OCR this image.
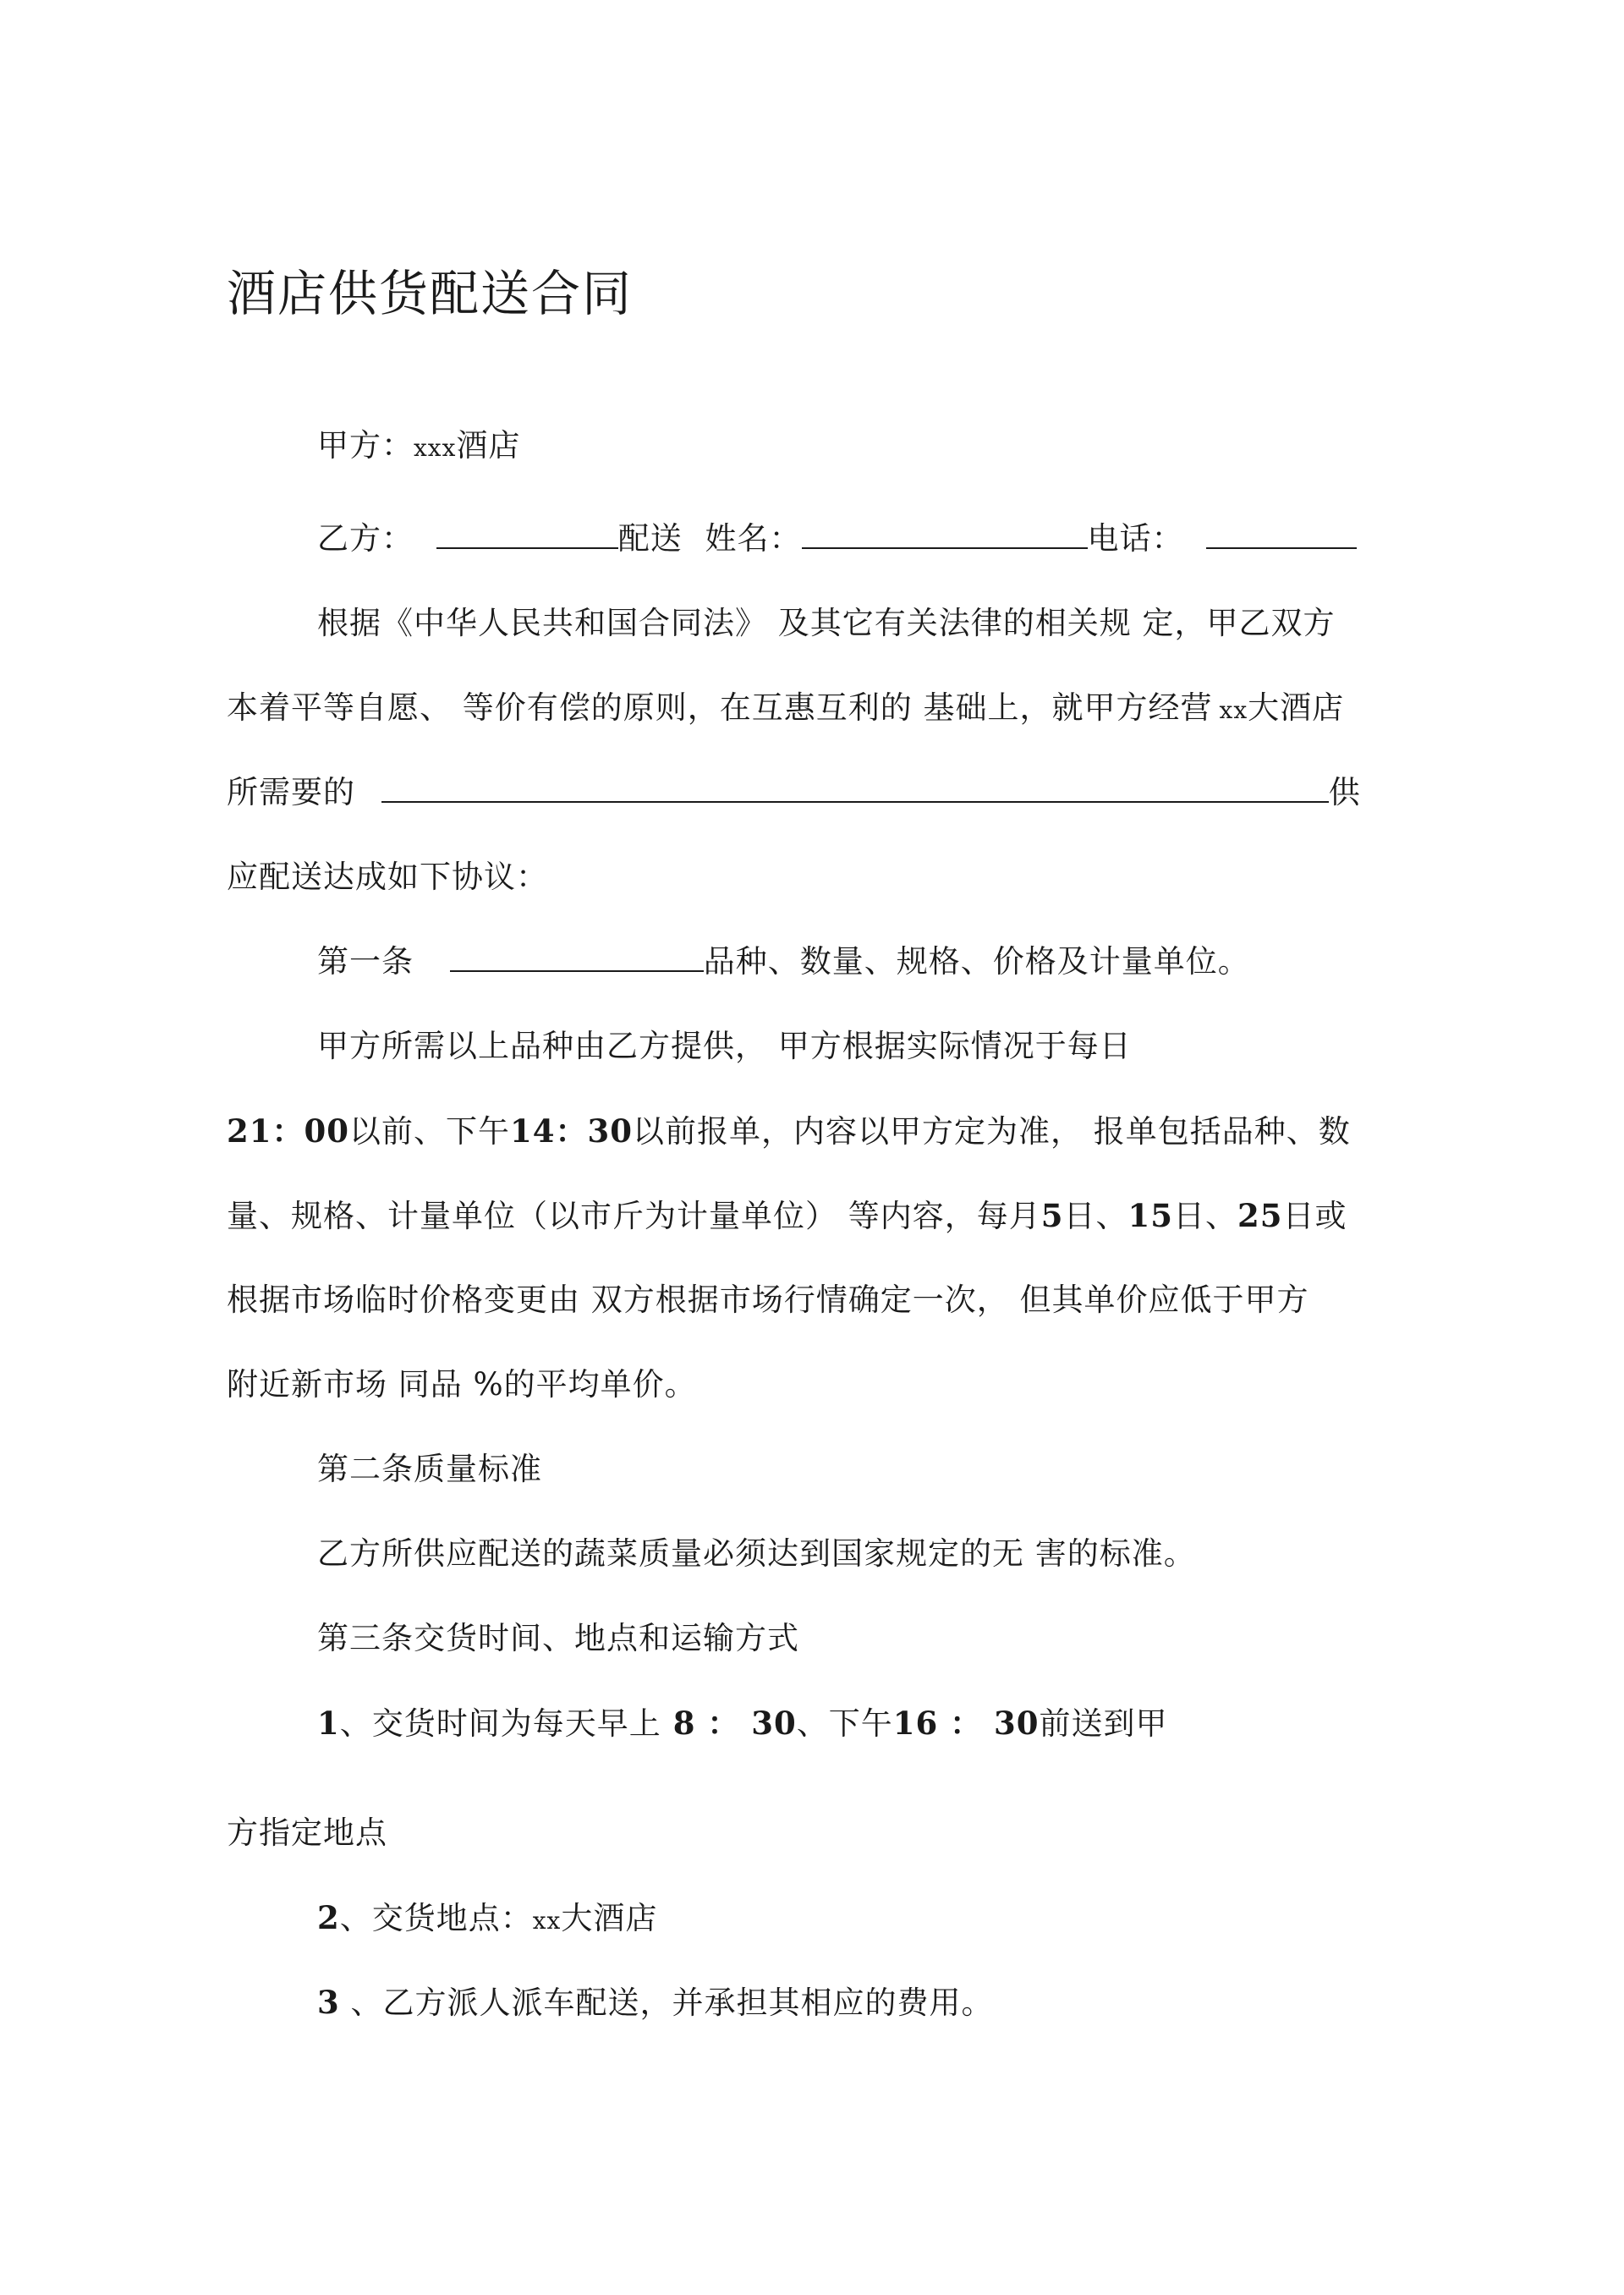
酒店供货配送合同
甲方：xxx酒店
乙方：	配送 姓名：	电话：
根据《中华人民共和国合同法》 及其它有关法律的相关规 定，甲乙双方
本着平等自愿、 等价有偿的原则，在互惠互利的 基础上，就甲方经营 xx大酒店
所需要的	供
应配送达成如下协议：
第一条	品种、数量、规格、价格及计量单位。
甲方所需以上品种由乙方提供， 甲方根据实际情况于每日
21：00以前、下午14：30以前报单，内容以甲方定为准， 报单包括品种、数
量、规格、计量单位（以市斤为计量单位） 等内容，每月5日、15日、25日或
根据市场临时价格变更由 双方根据市场行情确定一次， 但其单价应低于甲方
附近新市场 同品 %的平均单价。
第二条质量标准
乙方所供应配送的蔬菜质量必须达到国家规定的无 害的标准。
第三条交货时间、地点和运输方式
1、交货时间为每天早上 8 ： 30、下午16 ： 30前送到甲
方指定地点
2、交货地点：xx大酒店
3 、乙方派人派车配送，并承担其相应的费用。
